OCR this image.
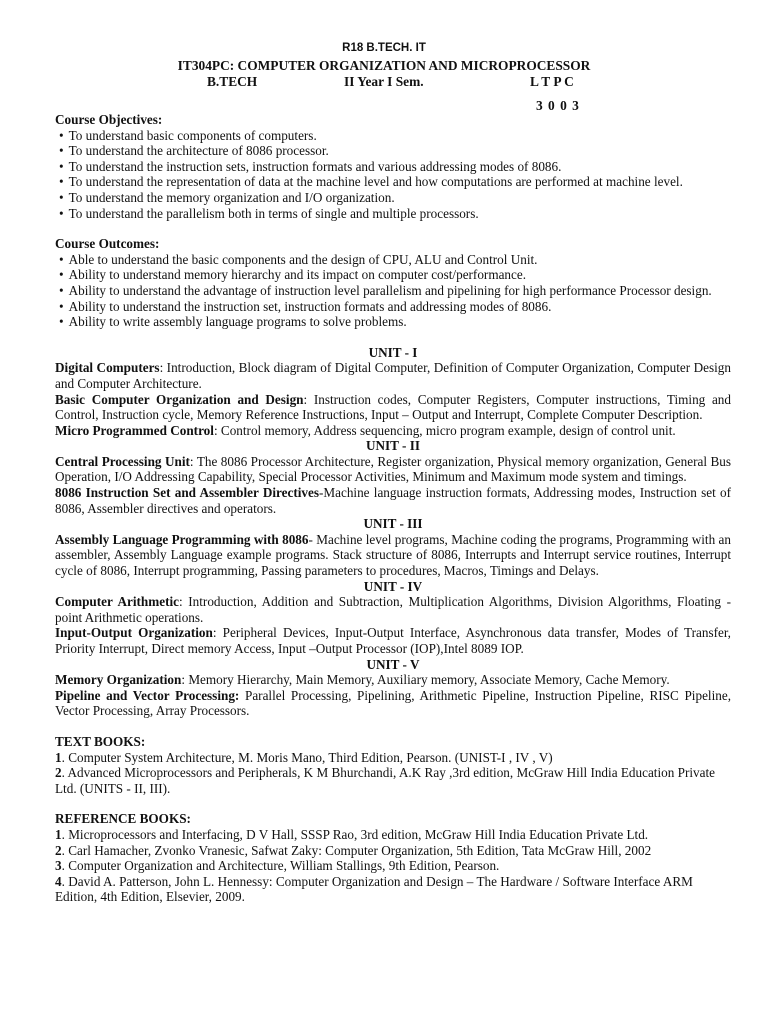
R18 B.TECH. IT
IT304PC: COMPUTER ORGANIZATION AND MICROPROCESSOR
B.TECH	II Year I Sem.	L T P C
3 0 0 3

Course Objectives:

• To understand basic components of computers.
• To understand the architecture of 8086 processor.
• To understand the instruction sets, instruction formats and various addressing modes of 8086.
• To understand the representation of data at the machine level and how computations are performed at machine level.
• To understand the memory organization and I/O organization.
• To understand the parallelism both in terms of single and multiple processors.

Course Outcomes:

• Able to understand the basic components and the design of CPU, ALU and Control Unit.
• Ability to understand memory hierarchy and its impact on computer cost/performance.
• Ability to understand the advantage of instruction level parallelism and pipelining for high performance Processor design.
• Ability to understand the instruction set, instruction formats and addressing modes of 8086.
• Ability to write assembly language programs to solve problems.
UNIT - I
Digital Computers: Introduction, Block diagram of Digital Computer, Definition of Computer Organization, Computer Design and Computer Architecture.
Basic Computer Organization and Design: Instruction codes, Computer Registers, Computer instructions, Timing and Control, Instruction cycle, Memory Reference Instructions, Input – Output and Interrupt, Complete Computer Description.
Micro Programmed Control: Control memory, Address sequencing, micro program example, design of control unit.
UNIT - II
Central Processing Unit: The 8086 Processor Architecture, Register organization, Physical memory organization, General Bus Operation, I/O Addressing Capability, Special Processor Activities, Minimum and Maximum mode system and timings.
8086 Instruction Set and Assembler Directives-Machine language instruction formats, Addressing modes, Instruction set of 8086, Assembler directives and operators.
UNIT - III
Assembly Language Programming with 8086- Machine level programs, Machine coding the programs, Programming with an assembler, Assembly Language example programs. Stack structure of 8086, Interrupts and Interrupt service routines, Interrupt cycle of 8086, Interrupt programming, Passing parameters to procedures, Macros, Timings and Delays.
UNIT - IV
Computer Arithmetic: Introduction, Addition and Subtraction, Multiplication Algorithms, Division Algorithms, Floating - point Arithmetic operations.
Input-Output Organization: Peripheral Devices, Input-Output Interface, Asynchronous data transfer, Modes of Transfer, Priority Interrupt, Direct memory Access, Input –Output Processor (IOP),Intel 8089 IOP.
UNIT - V
Memory Organization: Memory Hierarchy, Main Memory, Auxiliary memory, Associate Memory, Cache Memory.
Pipeline and Vector Processing: Parallel Processing, Pipelining, Arithmetic Pipeline, Instruction Pipeline, RISC Pipeline, Vector Processing, Array Processors.

TEXT BOOKS:

1. Computer System Architecture, M. Moris Mano, Third Edition, Pearson. (UNIST-I , IV , V)

2. Advanced Microprocessors and Peripherals, K M Bhurchandi, A.K Ray ,3rd edition, McGraw Hill India Education Private Ltd. (UNITS - II, III).

REFERENCE BOOKS:

1. Microprocessors and Interfacing, D V Hall, SSSP Rao, 3rd edition, McGraw Hill India Education Private Ltd.

2. Carl Hamacher, Zvonko Vranesic, Safwat Zaky: Computer Organization, 5th Edition, Tata McGraw Hill, 2002

3. Computer Organization and Architecture, William Stallings, 9th Edition, Pearson.

4. David A. Patterson, John L. Hennessy: Computer Organization and Design – The Hardware / Software Interface ARM Edition, 4th Edition, Elsevier, 2009.
